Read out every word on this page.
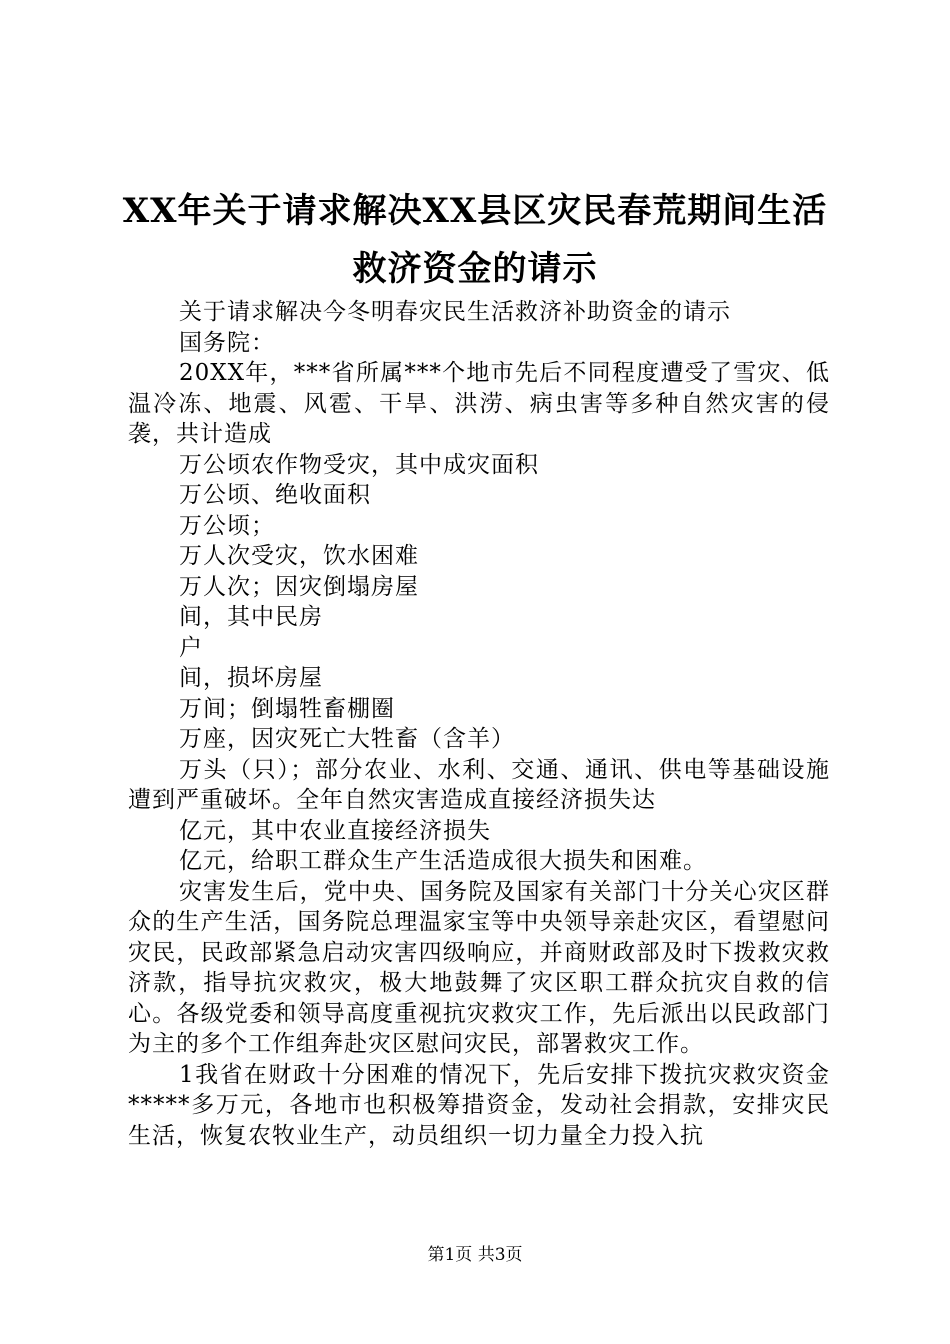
XX年关于请求解决XX县区灾民春荒期间生活
救济资金的请示

关于请求解决今冬明春灾民生活救济补助资金的请示

国务院：

20XX年，***省所属***个地市先后不同程度遭受了雪灾、低温冷冻、地震、风雹、干旱、洪涝、病虫害等多种自然灾害的侵袭，共计造成

万公顷农作物受灾，其中成灾面积

万公顷、绝收面积

万公顷；

万人次受灾，饮水困难

万人次；因灾倒塌房屋

间，其中民房

户

间，损坏房屋

万间；倒塌牲畜棚圈

万座，因灾死亡大牲畜（含羊）

万头（只）；部分农业、水利、交通、通讯、供电等基础设施遭到严重破坏。全年自然灾害造成直接经济损失达

亿元，其中农业直接经济损失

亿元，给职工群众生产生活造成很大损失和困难。

灾害发生后，党中央、国务院及国家有关部门十分关心灾区群众的生产生活，国务院总理温家宝等中央领导亲赴灾区，看望慰问灾民，民政部紧急启动灾害四级响应，并商财政部及时下拨救灾救济款，指导抗灾救灾，极大地鼓舞了灾区职工群众抗灾自救的信心。各级党委和领导高度重视抗灾救灾工作，先后派出以民政部门为主的多个工作组奔赴灾区慰问灾民，部署救灾工作。

1我省在财政十分困难的情况下，先后安排下拨抗灾救灾资金*****多万元，各地市也积极筹措资金，发动社会捐款，安排灾民生活，恢复农牧业生产，动员组织一切力量全力投入抗

第1页 共3页
